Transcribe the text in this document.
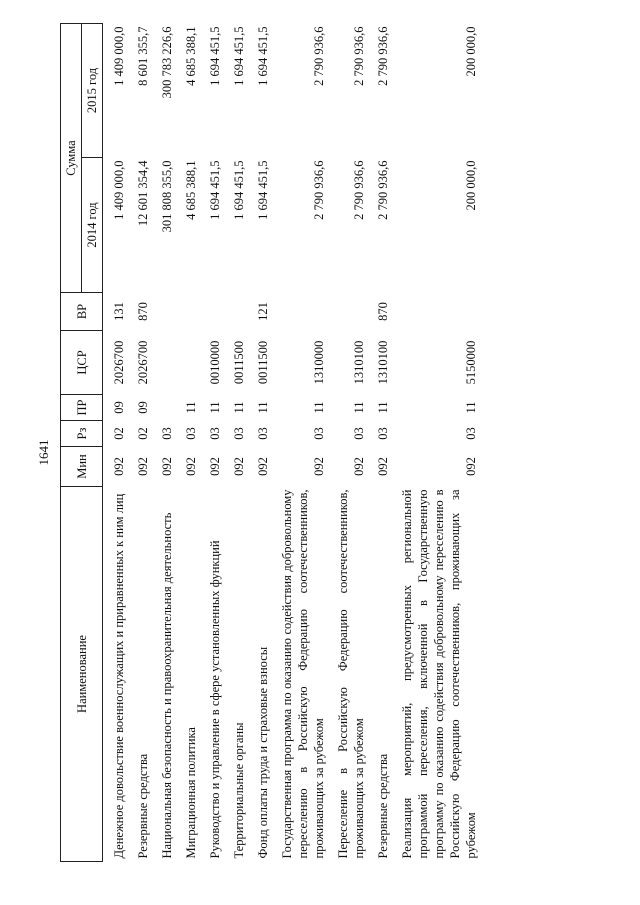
1641
Наименование	Мин	Рз	ПР	ЦСР	ВР	Сумма	
						2014 год	2015 год
Денежное довольствие военнослужащих и приравненных к ним лиц	092	02	09	2026700	131	1 409 000,0	1 409 000,0
Резервные средства	092	02	09	2026700	870	12 601 354,4	8 601 355,7
Национальная безопасность и правоохранительная деятельность	092	03				301 808 355,0	300 783 226,6
Миграционная политика	092	03	11			4 685 388,1	4 685 388,1
Руководство и управление в сфере установленных функций	092	03	11	0010000		1 694 451,5	1 694 451,5
Территориальные органы	092	03	11	0011500		1 694 451,5	1 694 451,5
Фонд оплаты труда и страховые взносы	092	03	11	0011500	121	1 694 451,5	1 694 451,5
Государственная программа по оказанию содействия добровольному переселению в Российскую Федерацию соотечественников, проживающих за рубежом	092	03	11	1310000		2 790 936,6	2 790 936,6
Переселение в Российскую Федерацию соотечественников, проживающих за рубежом	092	03	11	1310100		2 790 936,6	2 790 936,6
Резервные средства	092	03	11	1310100	870	2 790 936,6	2 790 936,6
Реализация мероприятий, предусмотренных региональной программой переселения, включенной в Государственную программу по оказанию содействия добровольному переселению в Российскую Федерацию соотечественников, проживающих за рубежом	092	03	11	5150000		200 000,0	200 000,0
